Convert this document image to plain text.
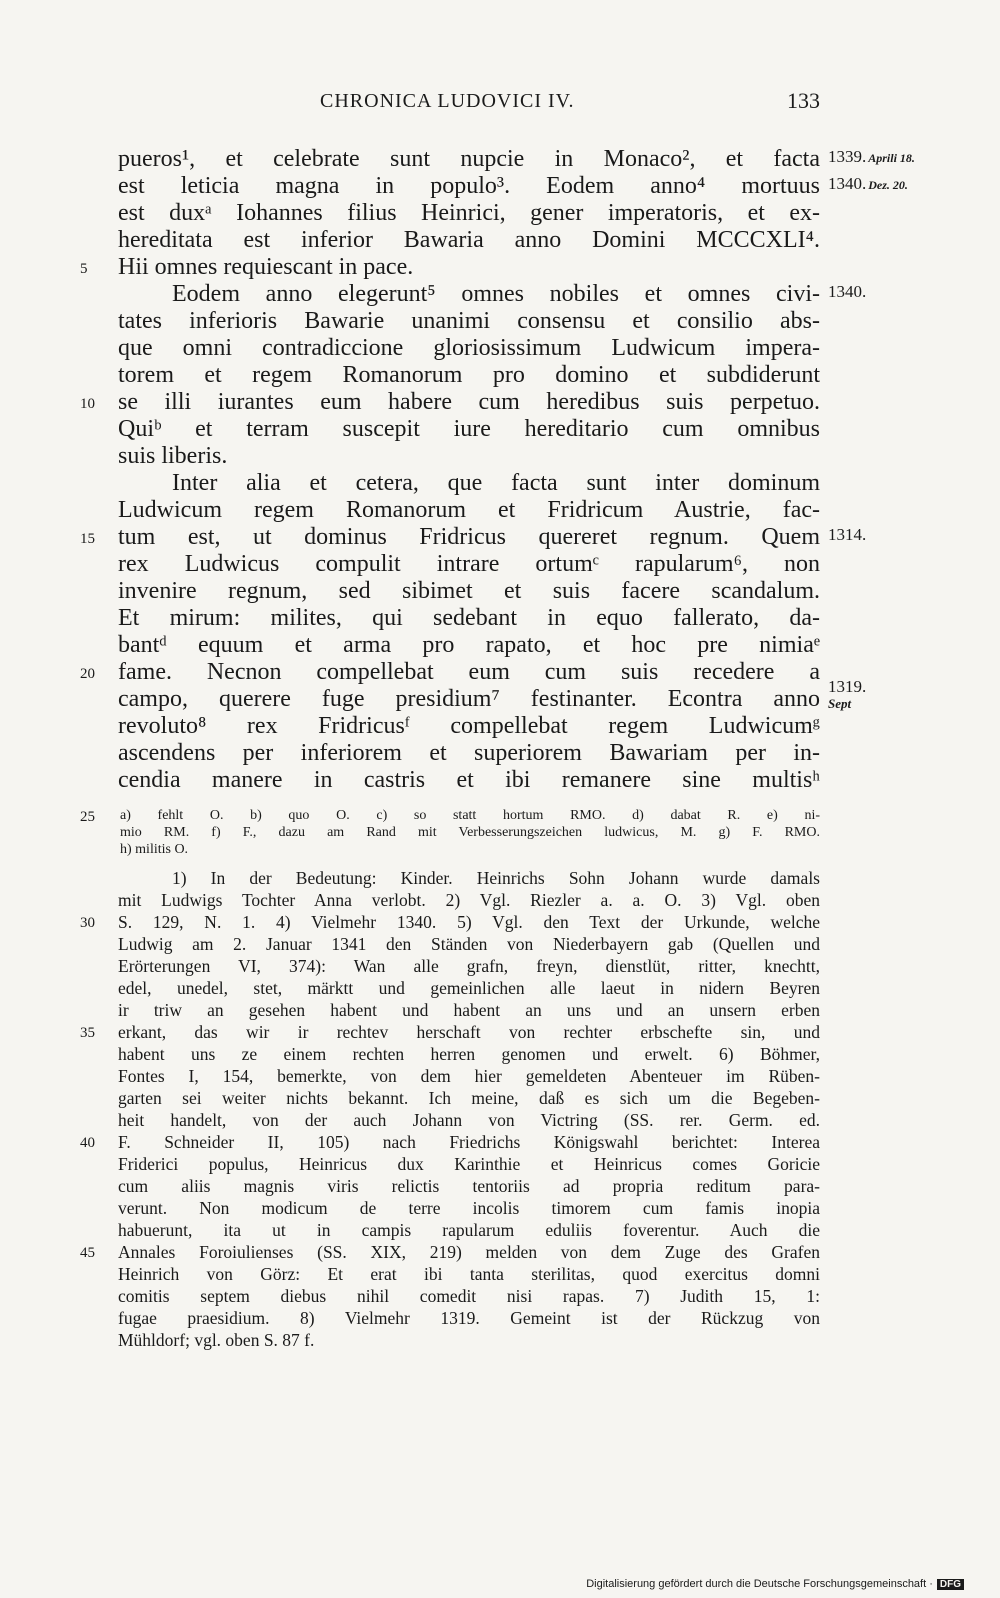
CHRONICA LUDOVICI IV.	133
pueros¹, et celebrate sunt nupcie in Monaco², et facta
est leticia magna in populo³. Eodem anno⁴ mortuus
est duxᵃ Iohannes filius Heinrici, gener imperatoris, et ex-
hereditata est inferior Bawaria anno Domini MCCCXLI⁴.
Hii omnes requiescant in pace.
Eodem anno elegerunt⁵ omnes nobiles et omnes civi-
tates inferioris Bawarie unanimi consensu et consilio abs-
que omni contradiccione gloriosissimum Ludwicum impera-
torem et regem Romanorum pro domino et subdiderunt
se illi iurantes eum habere cum heredibus suis perpetuo.
Quiᵇ et terram suscepit iure hereditario cum omnibus
suis liberis.
Inter alia et cetera, que facta sunt inter dominum
Ludwicum regem Romanorum et Fridricum Austrie, fac-
tum est, ut dominus Fridricus quereret regnum. Quem
rex Ludwicus compulit intrare ortumᶜ rapularum⁶, non
invenire regnum, sed sibimet et suis facere scandalum.
Et mirum: milites, qui sedebant in equo fallerato, da-
bantᵈ equum et arma pro rapato, et hoc pre nimiaᵉ
fame. Necnon compellebat eum cum suis recedere a
campo, querere fuge presidium⁷ festinanter. Econtra anno
revoluto⁸ rex Fridricusᶠ compellebat regem Ludwicumᵍ
ascendens per inferiorem et superiorem Bawariam per in-
cendia manere in castris et ibi remanere sine multisʰ
5
10
15
20
25
30
35
40
45
1339. Aprili 18.
1340. Dez. 20.
1340.
1314.
1319.
Sept
a) fehlt O. b) quo O. c) so statt hortum RMO. d) dabat R. e) ni-
mio RM. f) F., dazu am Rand mit Verbesserungszeichen ludwicus, M. g) F. RMO.
h) militis O.
1) In der Bedeutung: Kinder. Heinrichs Sohn Johann wurde damals
mit Ludwigs Tochter Anna verlobt. 2) Vgl. Riezler a. a. O. 3) Vgl. oben
S. 129, N. 1. 4) Vielmehr 1340. 5) Vgl. den Text der Urkunde, welche
Ludwig am 2. Januar 1341 den Ständen von Niederbayern gab (Quellen und
Erörterungen VI, 374): Wan alle grafn, freyn, dienstlüt, ritter, knechtt,
edel, unedel, stet, märktt und gemeinlichen alle laeut in nidern Beyren
ir triw an gesehen habent und habent an uns und an unsern erben
erkant, das wir ir rechtev herschaft von rechter erbschefte sin, und
habent uns ze einem rechten herren genomen und erwelt. 6) Böhmer,
Fontes I, 154, bemerkte, von dem hier gemeldeten Abenteuer im Rüben-
garten sei weiter nichts bekannt. Ich meine, daß es sich um die Begeben-
heit handelt, von der auch Johann von Victring (SS. rer. Germ. ed.
F. Schneider II, 105) nach Friedrichs Königswahl berichtet: Interea
Friderici populus, Heinricus dux Karinthie et Heinricus comes Goricie
cum aliis magnis viris relictis tentoriis ad propria reditum para-
verunt. Non modicum de terre incolis timorem cum famis inopia
habuerunt, ita ut in campis rapularum eduliis foverentur. Auch die
Annales Foroiulienses (SS. XIX, 219) melden von dem Zuge des Grafen
Heinrich von Görz: Et erat ibi tanta sterilitas, quod exercitus domni
comitis septem diebus nihil comedit nisi rapas. 7) Judith 15, 1:
fugae praesidium. 8) Vielmehr 1319. Gemeint ist der Rückzug von
Mühldorf; vgl. oben S. 87 f.
Digitalisierung gefördert durch die Deutsche Forschungsgemeinschaft · DFG
